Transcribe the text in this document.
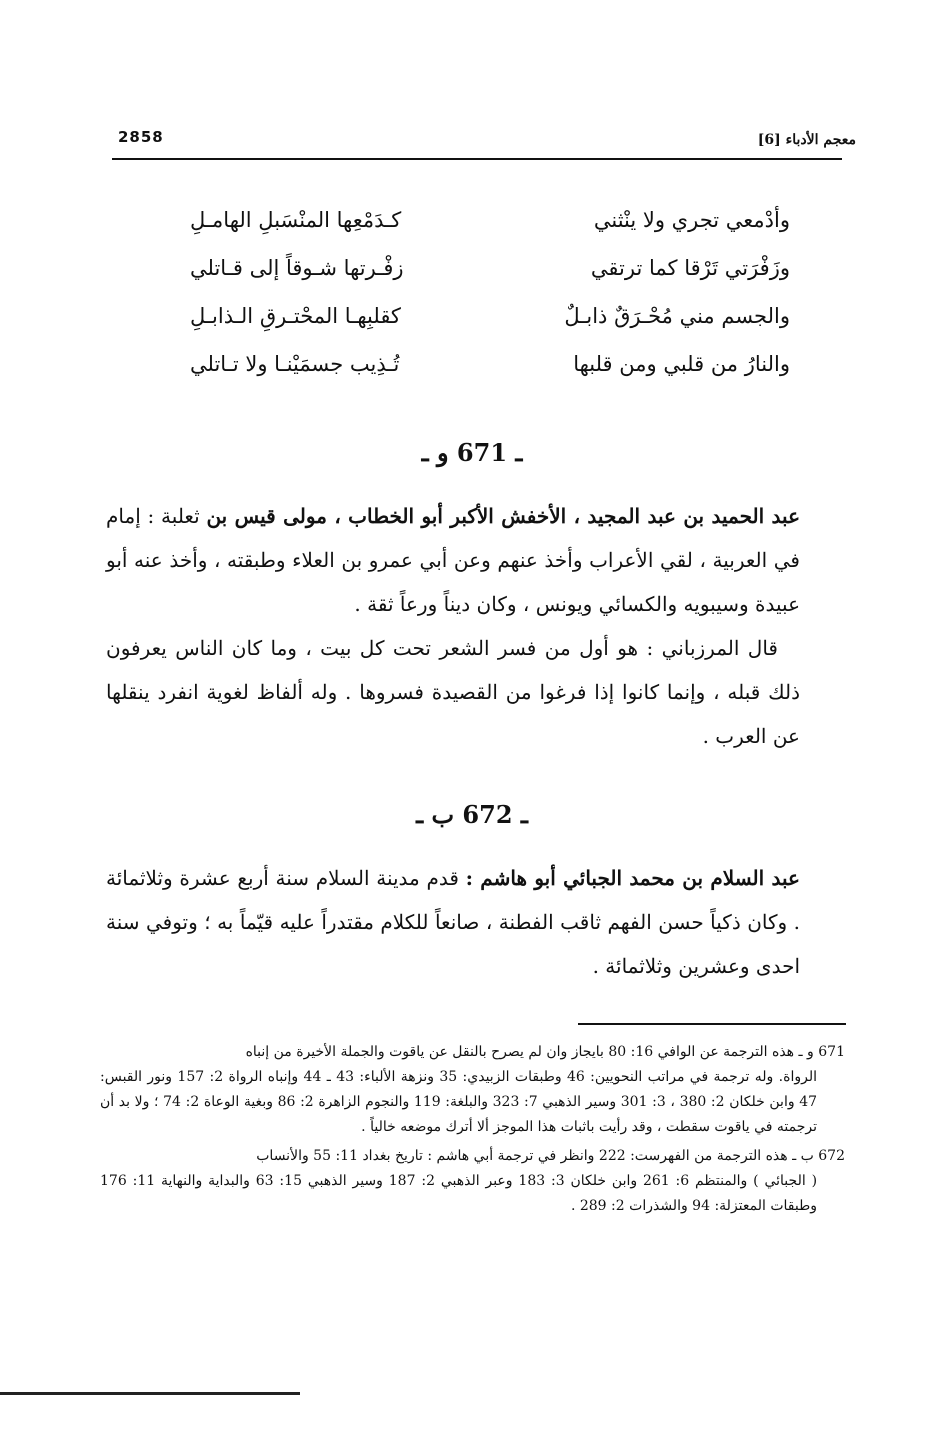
2858	معجم الأدباء [6]
وأدْمعي تجري ولا ينْثني
كـدَمْعِها المنْسَبلِ الهامـلِ
وزَفْرَتي تَرْقا كما ترتقي
زفْـرتها شـوقاً إلى قـاتلي
والجسم مني مُحْـرَقٌ ذابـلٌ
كقلبِهـا المحْتـرقِ الـذابـلِ
والنارُ من قلبي ومن قلبها
تُـذِيب جسمَيْنـا ولا تـاتلي
ـ 671 و ـ
عبد الحميد بن عبد المجيد ، الأخفش الأكبر أبو الخطاب ، مولى قيس بن ثعلبة : إمام في العربية ، لقي الأعراب وأخذ عنهم وعن أبي عمرو بن العلاء وطبقته ، وأخذ عنه أبو عبيدة وسيبويه والكسائي ويونس ، وكان ديناً ورعاً ثقة .

قال المرزباني : هو أول من فسر الشعر تحت كل بيت ، وما كان الناس يعرفون ذلك قبله ، وإنما كانوا إذا فرغوا من القصيدة فسروها . وله ألفاظ لغوية انفرد ينقلها عن العرب .

ـ 672 ب ـ
عبد السلام بن محمد الجبائي أبو هاشم : قدم مدينة السلام سنة أربع عشرة وثلاثمائة . وكان ذكياً حسن الفهم ثاقب الفطنة ، صانعاً للكلام مقتدراً عليه قيّماً به ؛ وتوفي سنة احدى وعشرين وثلاثمائة .
671 و ـ هذه الترجمة عن الوافي 16: 80 بايجاز وان لم يصرح بالنقل عن ياقوت والجملة الأخيرة من إنباه
الرواة. وله ترجمة في مراتب النحويين: 46 وطبقات الزبيدي: 35 ونزهة الألباء: 43 ـ 44 وإنباه الرواة 2: 157 ونور القبس: 47 وابن خلكان 2: 380 ، 3: 301 وسير الذهبي 7: 323 والبلغة: 119 والنجوم الزاهرة 2: 86 وبغية الوعاة 2: 74 ؛ ولا بد أن ترجمته في ياقوت سقطت ، وقد رأيت باثبات هذا الموجز ألا أترك موضعه خالياً .
672 ب ـ هذه الترجمة من الفهرست: 222 وانظر في ترجمة أبي هاشم : تاريخ بغداد 11: 55 والأنساب
( الجبائي ) والمنتظم 6: 261 وابن خلكان 3: 183 وعبر الذهبي 2: 187 وسير الذهبي 15: 63 والبداية والنهاية 11: 176 وطبقات المعتزلة: 94 والشذرات 2: 289 .
